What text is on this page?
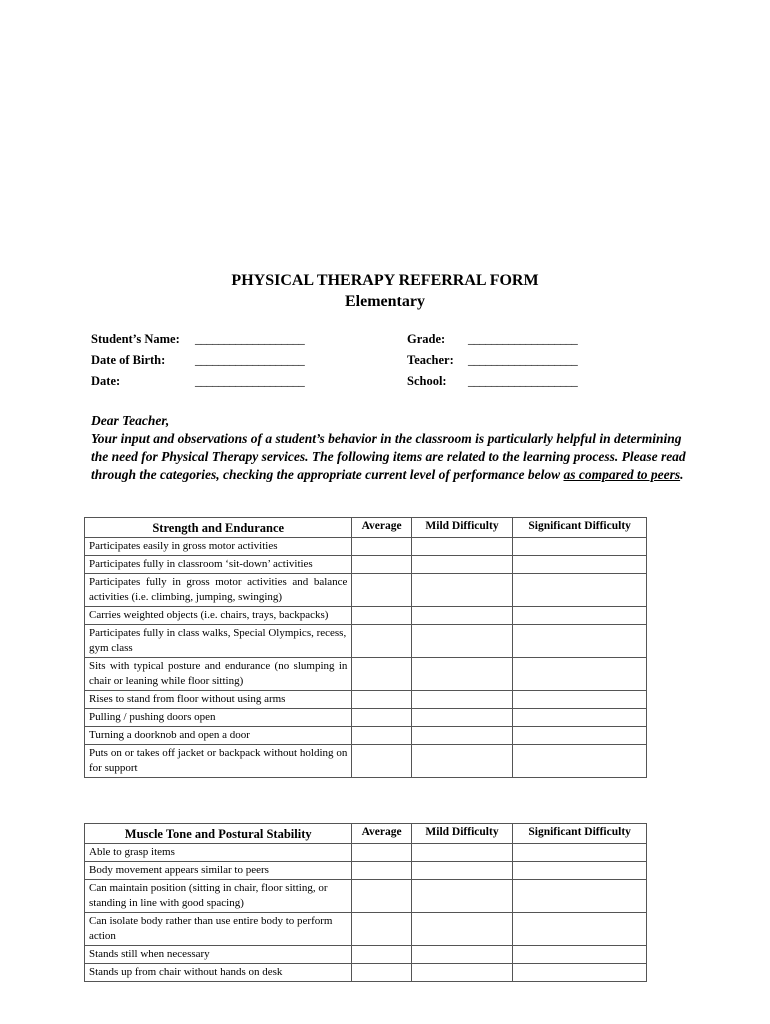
PHYSICAL THERAPY REFERRAL FORM
Elementary
Student’s Name: ___________________
Date of Birth: ___________________
Date:	___________________
Grade: ___________________
Teacher: ___________________
School: ___________________
Dear Teacher,
Your input and observations of a student’s behavior in the classroom is particularly helpful in determining the need for Physical Therapy services. The following items are related to the learning process. Please read through the categories, checking the appropriate current level of performance below as compared to peers.
Strength and Endurance	Average	Mild Difficulty	Significant Difficulty
Participates easily in gross motor activities			
Participates fully in classroom ‘sit-down’ activities			
Participates fully in gross motor activities and balance activities (i.e. climbing, jumping, swinging)			
Carries weighted objects (i.e. chairs, trays, backpacks)			
Participates fully in class walks, Special Olympics, recess, gym class			
Sits with typical posture and endurance (no slumping in chair or leaning while floor sitting)			
Rises to stand from floor without using arms			
Pulling / pushing doors open			
Turning a doorknob and open a door			
Puts on or takes off jacket or backpack without holding on for support			
Muscle Tone and Postural Stability	Average	Mild Difficulty	Significant Difficulty
Able to grasp items			
Body movement appears similar to peers			
Can maintain position (sitting in chair, floor sitting, or standing in line with good spacing)			
Can isolate body rather than use entire body to perform action			
Stands still when necessary			
Stands up from chair without hands on desk			
